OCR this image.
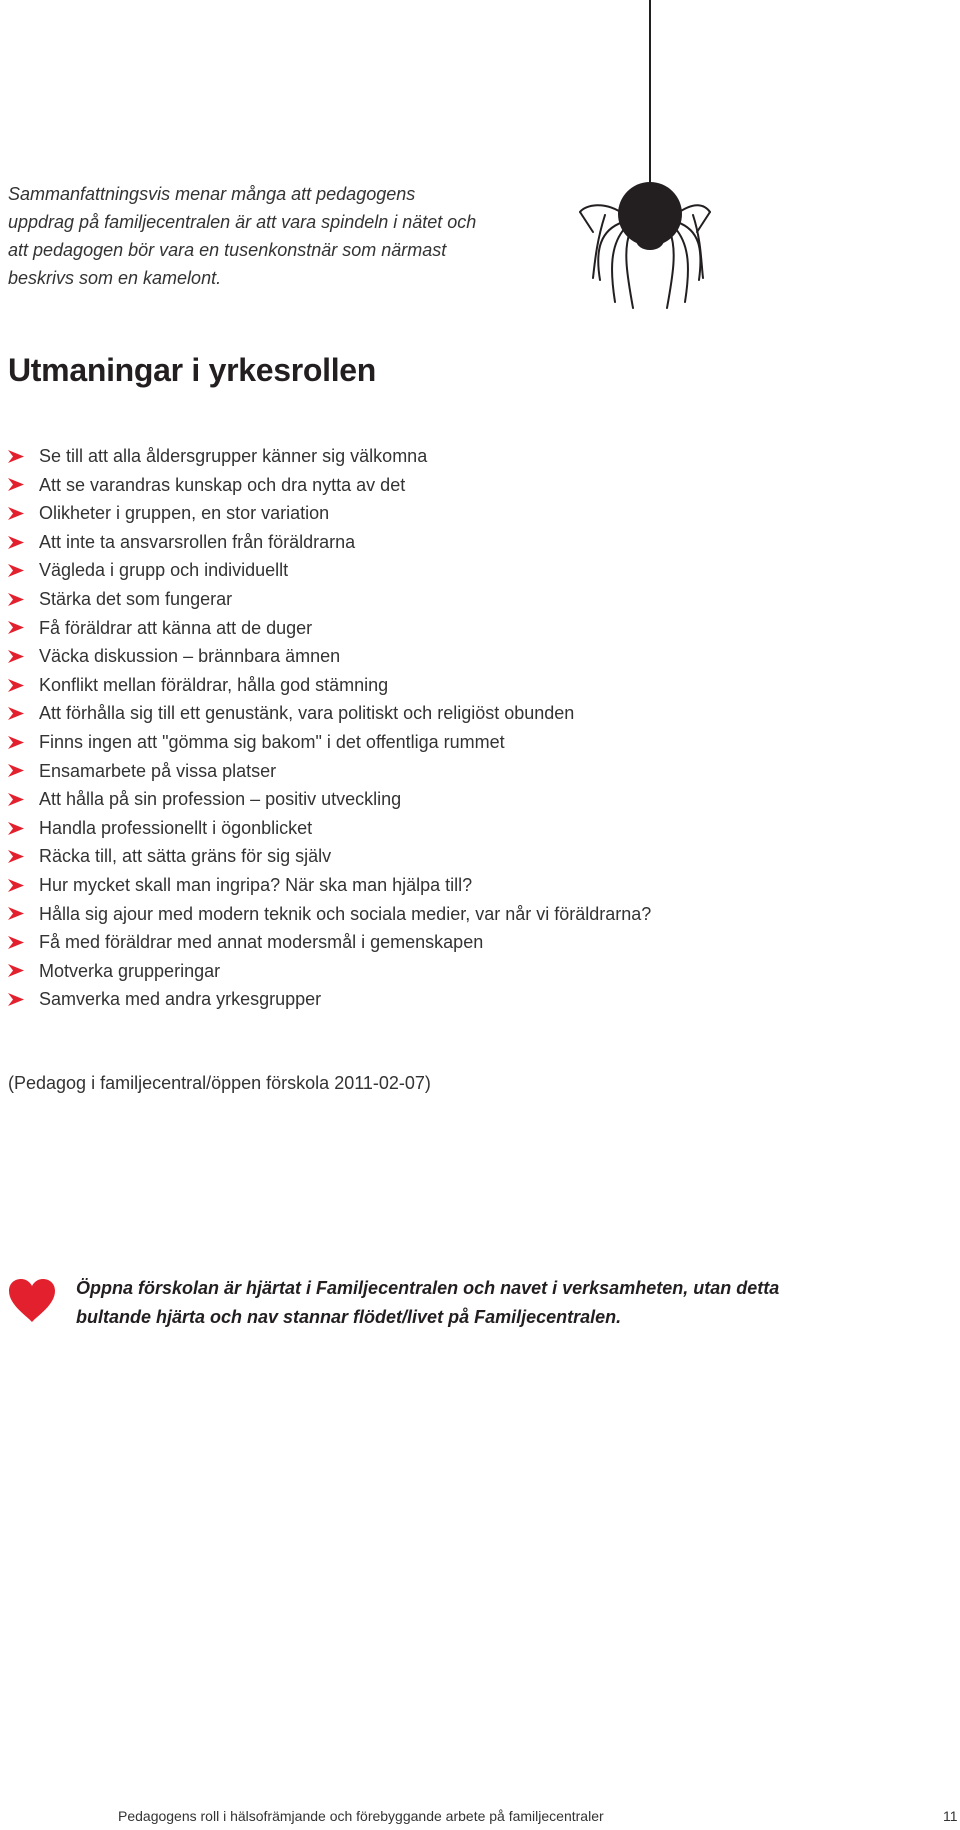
Sammanfattningsvis menar många att pedagogens uppdrag på familjecentralen är att vara spindeln i nätet och att pedagogen bör vara en tusenkonstnär som närmast beskrivs som en kamelont.

Utmaningar i yrkesrollen
Se till att alla åldersgrupper känner sig välkomna
Att se varandras kunskap och dra nytta av det
Olikheter i gruppen, en stor variation
Att inte ta ansvarsrollen från föräldrarna
Vägleda i grupp och individuellt
Stärka det som fungerar
Få föräldrar att känna att de duger
Väcka diskussion – brännbara ämnen
Konflikt mellan föräldrar, hålla god stämning
Att förhålla sig till ett genustänk, vara politiskt och religiöst obunden
Finns ingen att "gömma sig bakom" i det offentliga rummet
Ensamarbete på vissa platser
Att hålla på sin profession – positiv utveckling
Handla professionellt i ögonblicket
Räcka till, att sätta gräns för sig själv
Hur mycket skall man ingripa? När ska man hjälpa till?
Hålla sig ajour med modern teknik och sociala medier, var når vi föräldrarna?
Få med föräldrar med annat modersmål i gemenskapen
Motverka grupperingar
Samverka med andra yrkesgrupper

(Pedagog i familjecentral/öppen förskola 2011-02-07)

Öppna förskolan är hjärtat i Familjecentralen och navet i verksamheten, utan detta bultande hjärta och nav stannar flödet/livet på Familjecentralen.

Pedagogens roll i hälsofrämjande och förebyggande arbete på familjecentraler	11
